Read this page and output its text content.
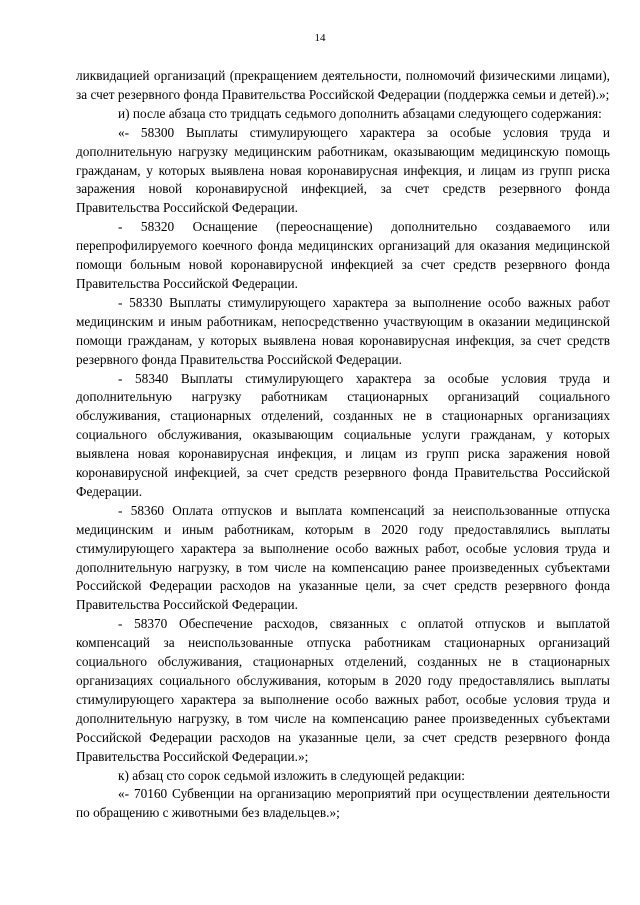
14

ликвидацией организаций (прекращением деятельности, полномочий физическими лицами), за счет резервного фонда Правительства Российской Федерации (поддержка семьи и детей).»;

и) после абзаца сто тридцать седьмого дополнить абзацами следующего содержания:

«- 58300 Выплаты стимулирующего характера за особые условия труда и дополнительную нагрузку медицинским работникам, оказывающим медицинскую помощь гражданам, у которых выявлена новая коронавирусная инфекция, и лицам из групп риска заражения новой коронавирусной инфекцией, за счет средств резервного фонда Правительства Российской Федерации.

- 58320 Оснащение (переоснащение) дополнительно создаваемого или перепрофилируемого коечного фонда медицинских организаций для оказания медицинской помощи больным новой коронавирусной инфекцией за счет средств резервного фонда Правительства Российской Федерации.

- 58330 Выплаты стимулирующего характера за выполнение особо важных работ медицинским и иным работникам, непосредственно участвующим в оказании медицинской помощи гражданам, у которых выявлена новая коронавирусная инфекция, за счет средств резервного фонда Правительства Российской Федерации.

- 58340 Выплаты стимулирующего характера за особые условия труда и дополнительную нагрузку работникам стационарных организаций социального обслуживания, стационарных отделений, созданных не в стационарных организациях социального обслуживания, оказывающим социальные услуги гражданам, у которых выявлена новая коронавирусная инфекция, и лицам из групп риска заражения новой коронавирусной инфекцией, за счет средств резервного фонда Правительства Российской Федерации.

- 58360 Оплата отпусков и выплата компенсаций за неиспользованные отпуска медицинским и иным работникам, которым в 2020 году предоставлялись выплаты стимулирующего характера за выполнение особо важных работ, особые условия труда и дополнительную нагрузку, в том числе на компенсацию ранее произведенных субъектами Российской Федерации расходов на указанные цели, за счет средств резервного фонда Правительства Российской Федерации.

- 58370 Обеспечение расходов, связанных с оплатой отпусков и выплатой компенсаций за неиспользованные отпуска работникам стационарных организаций социального обслуживания, стационарных отделений, созданных не в стационарных организациях социального обслуживания, которым в 2020 году предоставлялись выплаты стимулирующего характера за выполнение особо важных работ, особые условия труда и дополнительную нагрузку, в том числе на компенсацию ранее произведенных субъектами Российской Федерации расходов на указанные цели, за счет средств резервного фонда Правительства Российской Федерации.»;

к) абзац сто сорок седьмой изложить в следующей редакции:

«- 70160 Субвенции на организацию мероприятий при осуществлении деятельности по обращению с животными без владельцев.»;
